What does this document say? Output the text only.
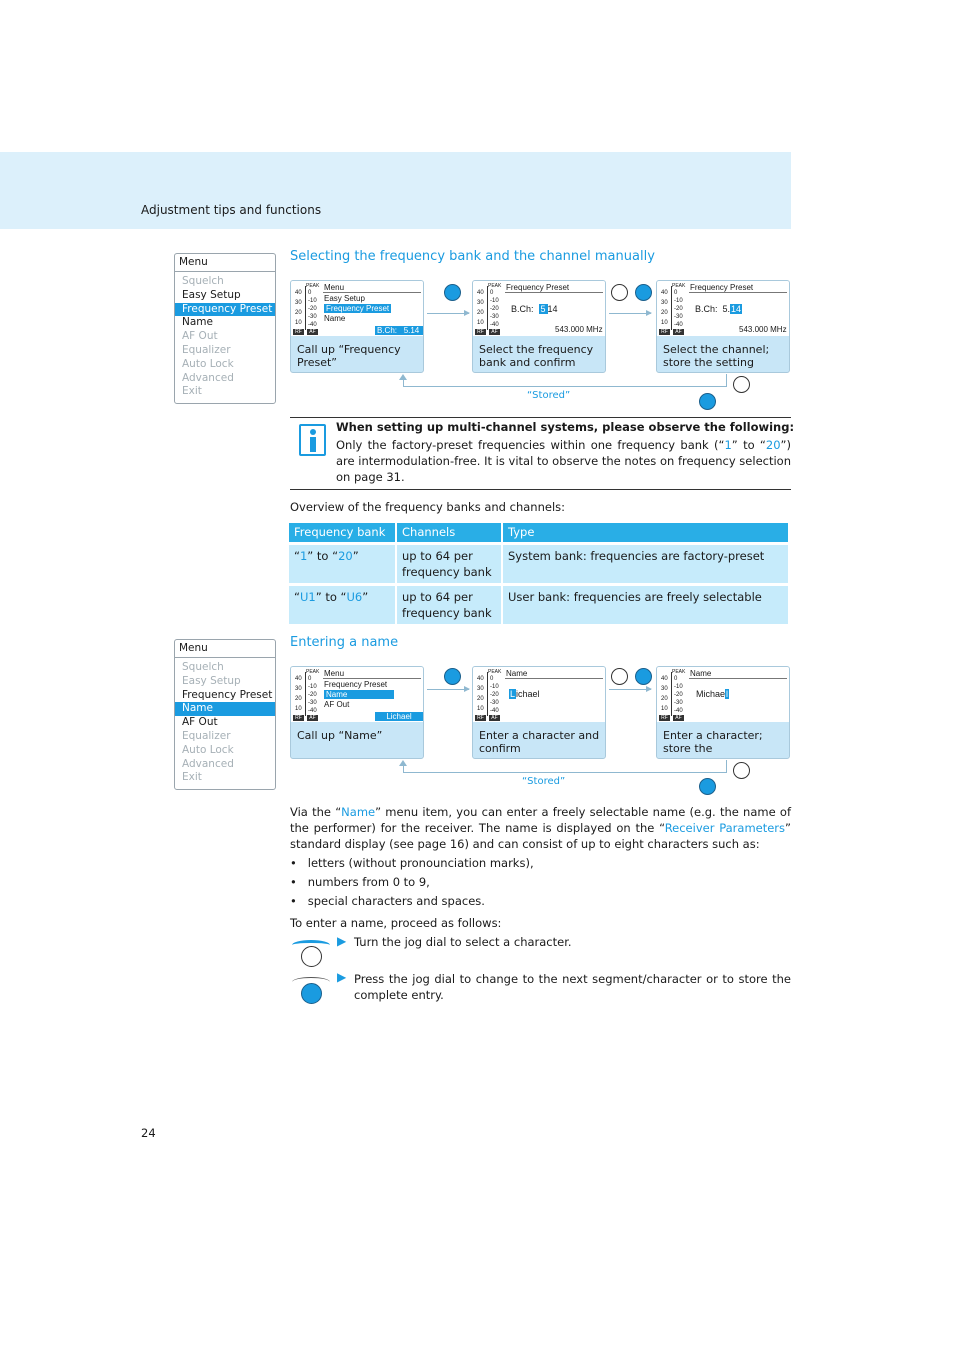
Adjustment tips and functions
Menu
Squelch
Easy Setup
Frequency Preset
Name
AF Out
Equalizer
Auto Lock
Advanced
Exit
Selecting the frequency bank and the channel manually
PEAK
40
30
20
10
0
-10
-20
-30
-40
RF	AF
Menu
Easy Setup
Frequency Preset
Name
B.Ch: 5.14
Call up “Frequency Preset”
PEAK
40
30
20
10
0
-10
-20
-30
-40
RF	AF
Frequency Preset
B.Ch: 5 14
543.000 MHz
Select the frequency bank and confirm
PEAK
40
30
20
10
0
-10
-20
-30
-40
RF	AF
Frequency Preset
B.Ch: 5.14
543.000 MHz
Select the channel; store the setting
“Stored”
When setting up multi-channel systems, please observe the following:
Only the factory-preset frequencies within one frequency bank (“1” to “20”) are intermodulation-free. It is vital to observe the notes on frequency selection on page 31.
Overview of the frequency banks and channels:
Frequency bank	Channels	Type
“1” to “20”	up to 64 per frequency bank	System bank: frequencies are factory-preset
“U1” to “U6”	up to 64 per frequency bank	User bank: frequencies are freely selectable
Menu
Squelch
Easy Setup
Frequency Preset
Name
AF Out
Equalizer
Auto Lock
Advanced
Exit
Entering a name
PEAK
40
30
20
10
0
-10
-20
-30
-40
RF	AF
Menu
Frequency Preset
Name
AF Out
Lichael
Call up “Name”
PEAK
40
30
20
10
0
-10
-20
-30
-40
RF	AF
Name
Lichael
Enter a character and confirm
PEAK
40
30
20
10
0
-10
-20
-30
-40
RF	AF
Name
Michael
Enter a character; store the
“Stored”
Via the “Name” menu item, you can enter a freely selectable name (e.g. the name of the performer) for the receiver. The name is displayed on the “Receiver Parameters” standard display (see page 16) and can consist of up to eight characters such as:
•   letters (without pronounciation marks),
•   numbers from 0 to 9,
•   special characters and spaces.
To enter a name, proceed as follows:
▶ Turn the jog dial to select a character.
▶ Press the jog dial to change to the next segment/character or to store the complete entry.
24
